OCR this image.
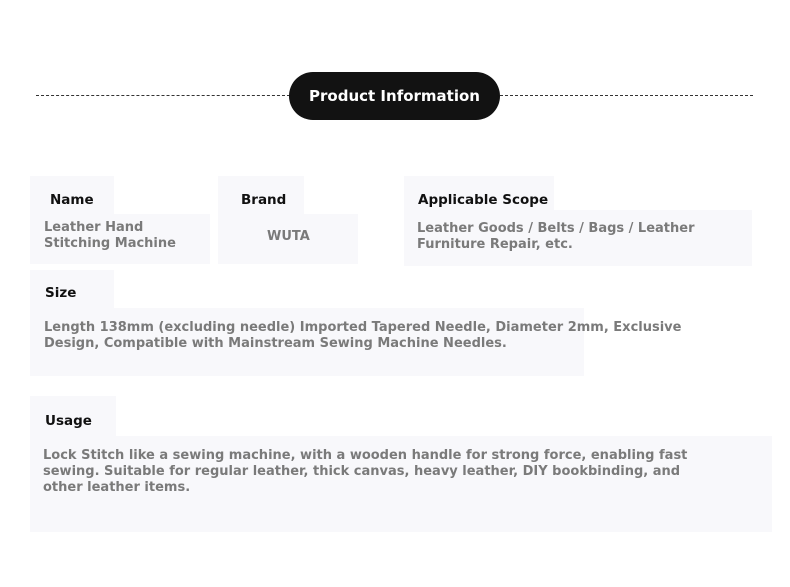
Product Information
Name
Leather Hand
Stitching Machine
Brand
WUTA
Applicable Scope
Leather Goods / Belts / Bags / Leather
Furniture Repair, etc.
Size
Length 138mm (excluding needle) Imported Tapered Needle, Diameter 2mm, Exclusive
Design, Compatible with Mainstream Sewing Machine Needles.
Usage
Lock Stitch like a sewing machine, with a wooden handle for strong force, enabling fast
sewing. Suitable for regular leather, thick canvas, heavy leather, DIY bookbinding, and
other leather items.
